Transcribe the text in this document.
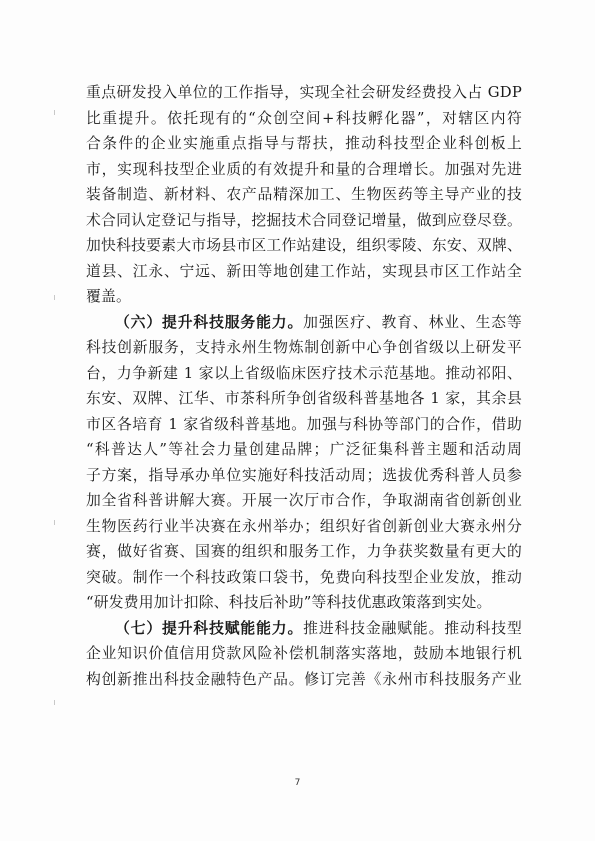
重点研发投入单位的工作指导，实现全社会研发经费投入占 GDP
比重提升。依托现有的“众创空间+科技孵化器”，对辖区内符
合条件的企业实施重点指导与帮扶，推动科技型企业科创板上
市，实现科技型企业质的有效提升和量的合理增长。加强对先进
装备制造、新材料、农产品精深加工、生物医药等主导产业的技
术合同认定登记与指导，挖掘技术合同登记增量，做到应登尽登。
加快科技要素大市场县市区工作站建设，组织零陵、东安、双牌、
道县、江永、宁远、新田等地创建工作站，实现县市区工作站全
覆盖。
（六）提升科技服务能力。加强医疗、教育、林业、生态等
科技创新服务，支持永州生物炼制创新中心争创省级以上研发平
台，力争新建 1 家以上省级临床医疗技术示范基地。推动祁阳、
东安、双牌、江华、市茶科所争创省级科普基地各 1 家，其余县
市区各培育 1 家省级科普基地。加强与科协等部门的合作，借助
“科普达人”等社会力量创建品牌；广泛征集科普主题和活动周
子方案，指导承办单位实施好科技活动周；选拔优秀科普人员参
加全省科普讲解大赛。开展一次厅市合作，争取湖南省创新创业
生物医药行业半决赛在永州举办；组织好省创新创业大赛永州分
赛，做好省赛、国赛的组织和服务工作，力争获奖数量有更大的
突破。制作一个科技政策口袋书，免费向科技型企业发放，推动
“研发费用加计扣除、科技后补助”等科技优惠政策落到实处。
（七）提升科技赋能能力。推进科技金融赋能。推动科技型
企业知识价值信用贷款风险补偿机制落实落地，鼓励本地银行机
构创新推出科技金融特色产品。修订完善《永州市科技服务产业
7
